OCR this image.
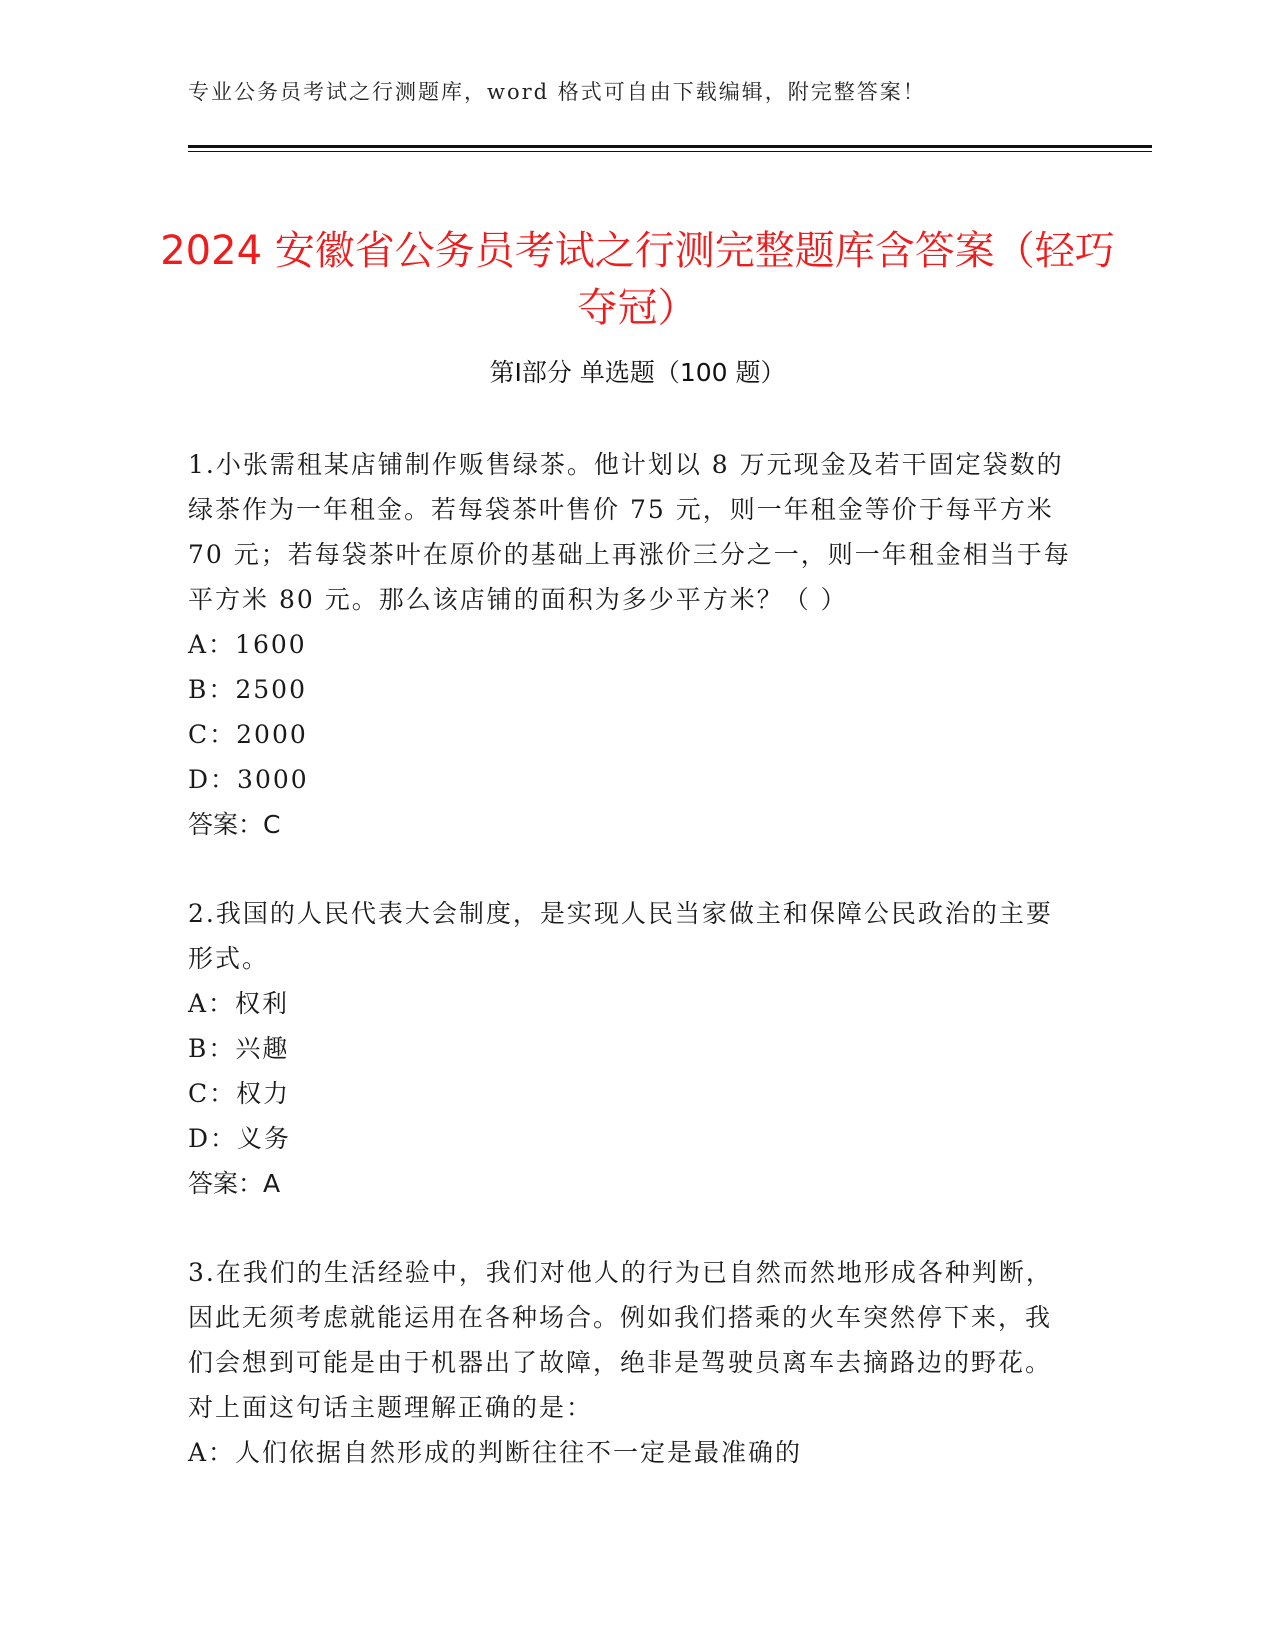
专业公务员考试之行测题库，word 格式可自由下载编辑，附完整答案！
2024 安徽省公务员考试之行测完整题库含答案（轻巧夺冠）
第Ⅰ部分 单选题（100 题）

1.小张需租某店铺制作贩售绿茶。他计划以 8 万元现金及若干固定袋数的绿茶作为一年租金。若每袋茶叶售价 75 元，则一年租金等价于每平方米 70 元；若每袋茶叶在原价的基础上再涨价三分之一，则一年租金相当于每平方米 80 元。那么该店铺的面积为多少平方米？（ ）

A：1600

B：2500

C：2000

D：3000

答案：C

2.我国的人民代表大会制度，是实现人民当家做主和保障公民政治的主要形式。

A：权利

B：兴趣

C：权力

D：义务

答案：A

3.在我们的生活经验中，我们对他人的行为已自然而然地形成各种判断，因此无须考虑就能运用在各种场合。例如我们搭乘的火车突然停下来，我们会想到可能是由于机器出了故障，绝非是驾驶员离车去摘路边的野花。 对上面这句话主题理解正确的是：

A：人们依据自然形成的判断往往不一定是最准确的
